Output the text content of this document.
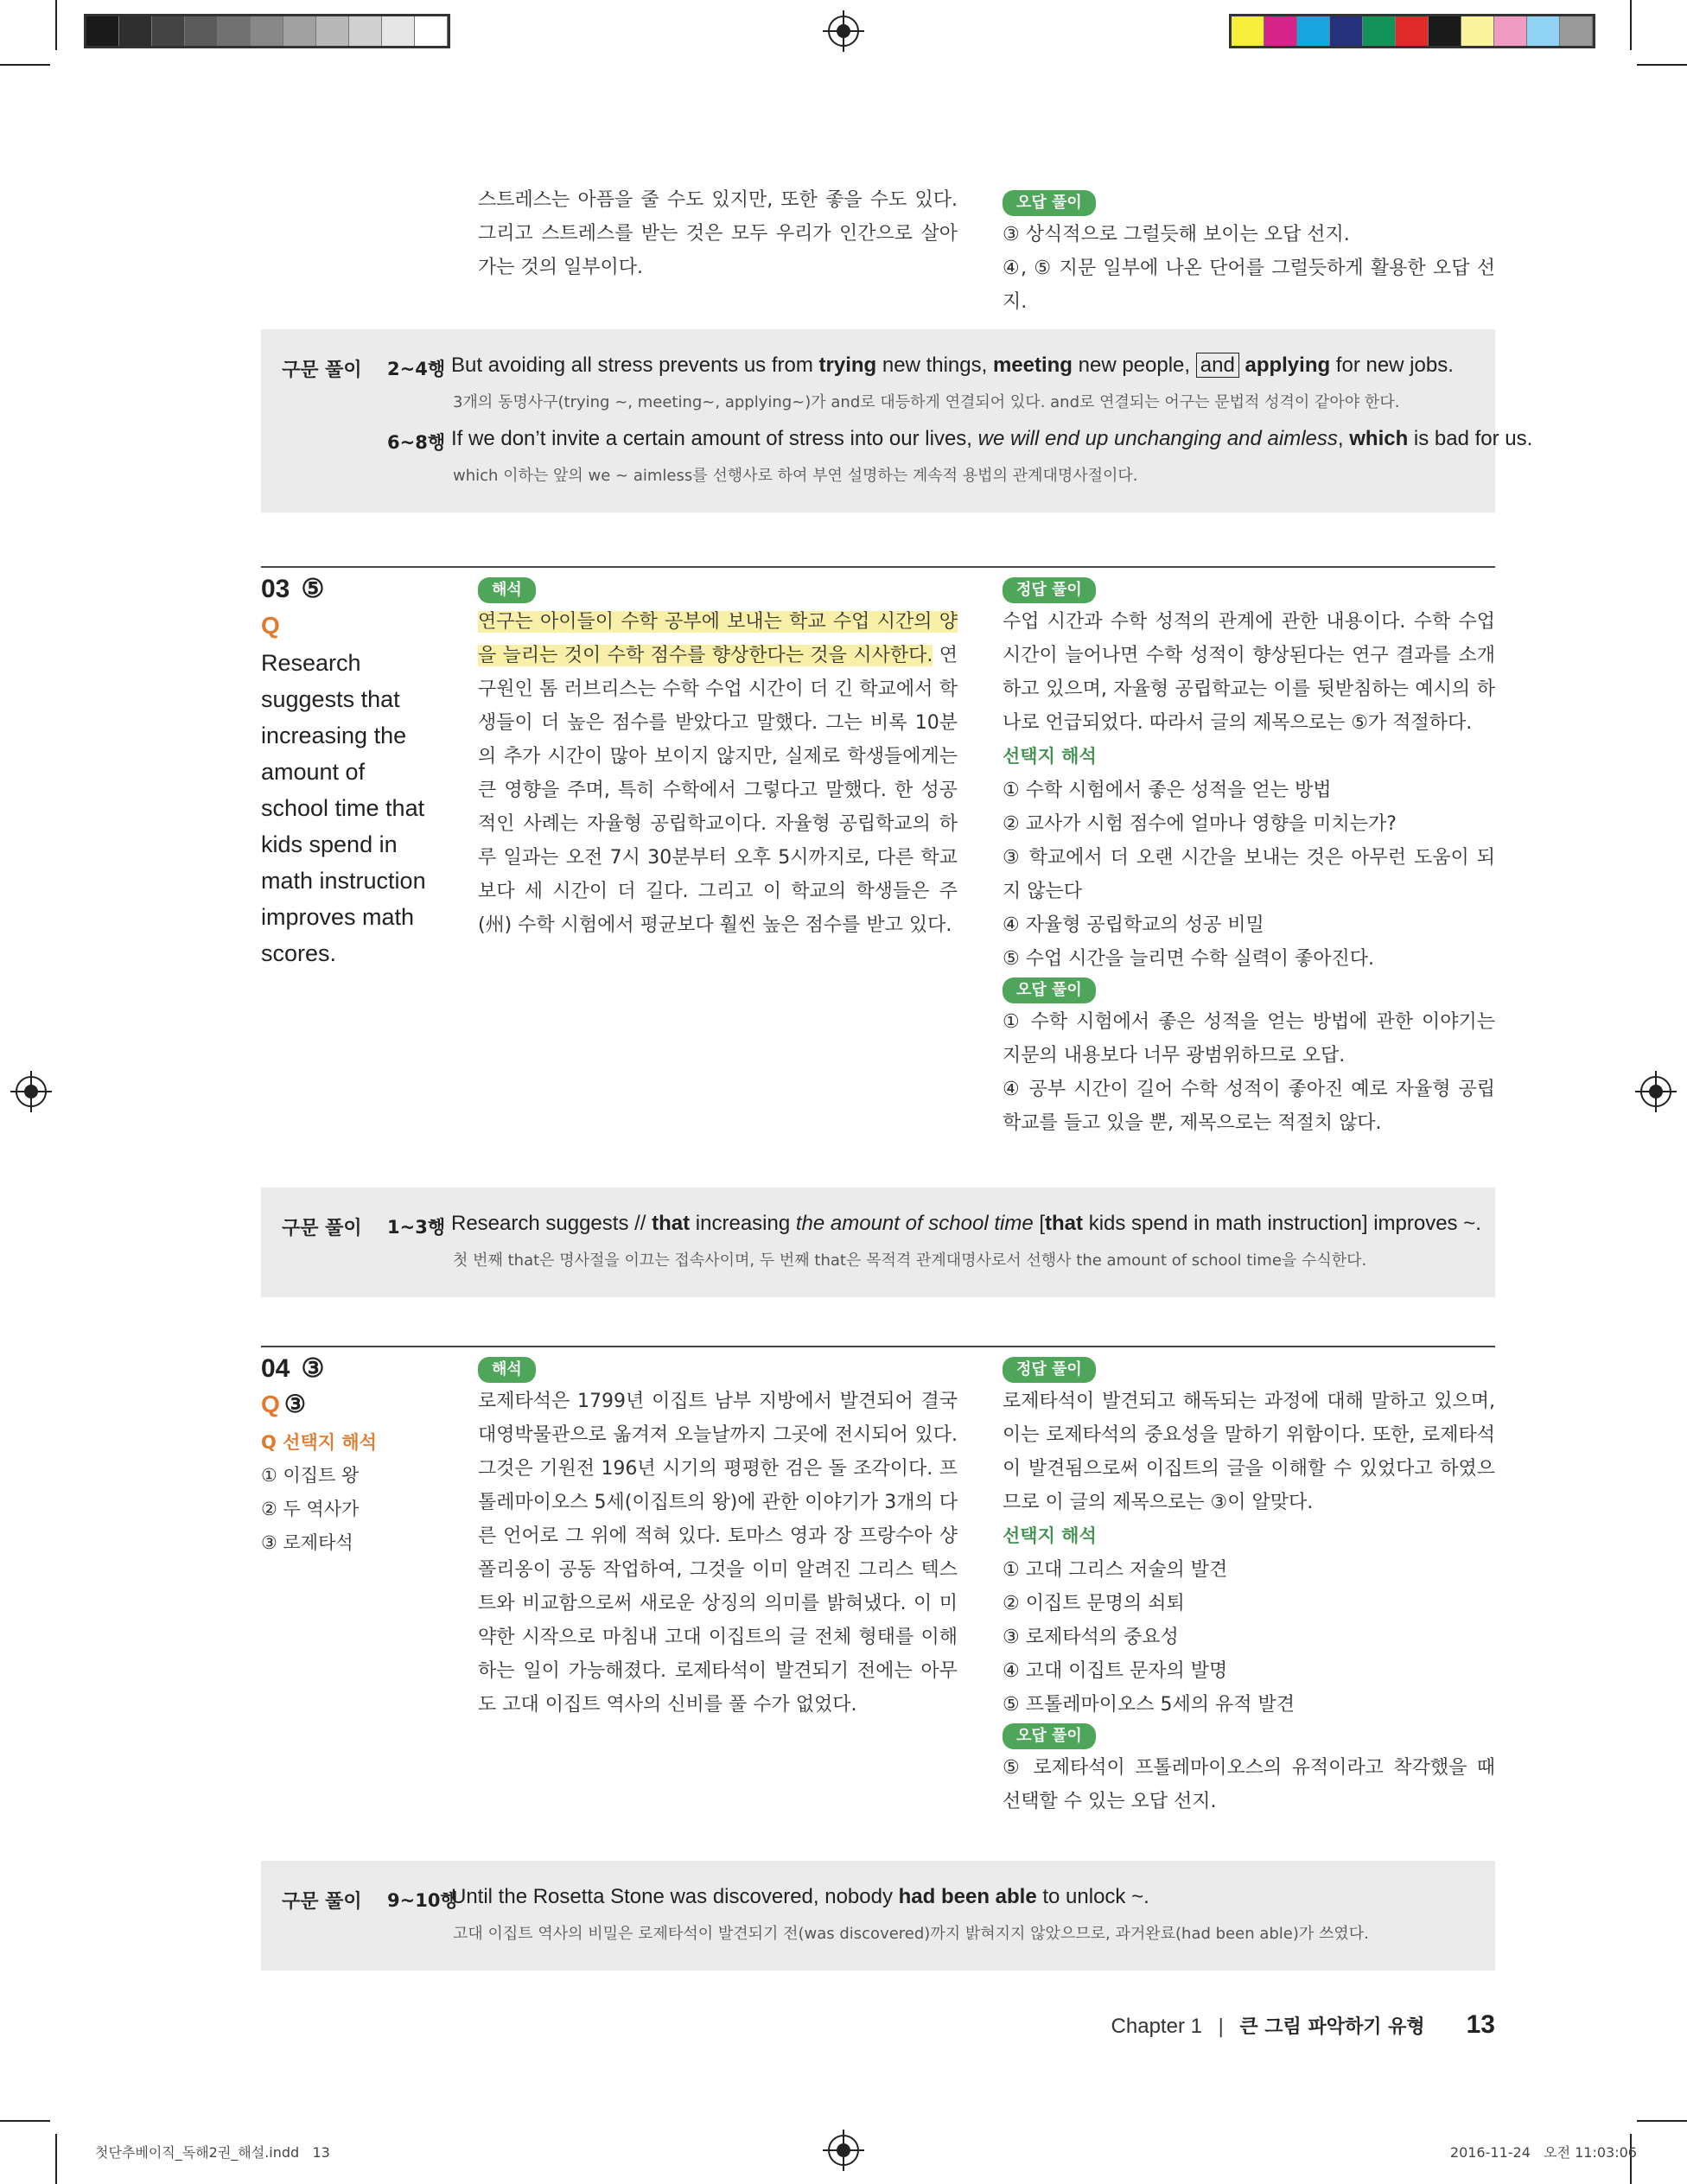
스트레스는 아픔을 줄 수도 있지만, 또한 좋을 수도 있다. 그리고 스트레스를 받는 것은 모두 우리가 인간으로 살아가는 것의 일부이다.

오답 풀이

③ 상식적으로 그럴듯해 보이는 오답 선지.

④, ⑤ 지문 일부에 나온 단어를 그럴듯하게 활용한 오답 선지.

구문 풀이 2~4행 But avoiding all stress prevents us from trying new things, meeting new people, and applying for new jobs.
3개의 동명사구(trying ~, meeting~, applying~)가 and로 대등하게 연결되어 있다. and로 연결되는 어구는 문법적 성격이 같아야 한다.
6~8행 If we don’t invite a certain amount of stress into our lives, we will end up unchanging and aimless, which is bad for us.
which 이하는 앞의 we ~ aimless를 선행사로 하여 부연 설명하는 계속적 용법의 관계대명사절이다.
03 ⑤
Q
Research
suggests that
increasing the
amount of
school time that
kids spend in
math instruction
improves math
scores.
해석

연구는 아이들이 수학 공부에 보내는 학교 수업 시간의 양을 늘리는 것이 수학 점수를 향상한다는 것을 시사한다. 연구원인 톰 러브리스는 수학 수업 시간이 더 긴 학교에서 학생들이 더 높은 점수를 받았다고 말했다. 그는 비록 10분의 추가 시간이 많아 보이지 않지만, 실제로 학생들에게는 큰 영향을 주며, 특히 수학에서 그렇다고 말했다. 한 성공적인 사례는 자율형 공립학교이다. 자율형 공립학교의 하루 일과는 오전 7시 30분부터 오후 5시까지로, 다른 학교보다 세 시간이 더 길다. 그리고 이 학교의 학생들은 주(州) 수학 시험에서 평균보다 훨씬 높은 점수를 받고 있다.

정답 풀이

수업 시간과 수학 성적의 관계에 관한 내용이다. 수학 수업 시간이 늘어나면 수학 성적이 향상된다는 연구 결과를 소개하고 있으며, 자율형 공립학교는 이를 뒷받침하는 예시의 하나로 언급되었다. 따라서 글의 제목으로는 ⑤가 적절하다.

선택지 해석

① 수학 시험에서 좋은 성적을 얻는 방법

② 교사가 시험 점수에 얼마나 영향을 미치는가?

③ 학교에서 더 오랜 시간을 보내는 것은 아무런 도움이 되지 않는다

④ 자율형 공립학교의 성공 비밀

⑤ 수업 시간을 늘리면 수학 실력이 좋아진다.

오답 풀이

① 수학 시험에서 좋은 성적을 얻는 방법에 관한 이야기는 지문의 내용보다 너무 광범위하므로 오답.

④ 공부 시간이 길어 수학 성적이 좋아진 예로 자율형 공립학교를 들고 있을 뿐, 제목으로는 적절치 않다.

구문 풀이 1~3행 Research suggests // that increasing the amount of school time [that kids spend in math instruction] improves ~.
첫 번째 that은 명사절을 이끄는 접속사이며, 두 번째 that은 목적격 관계대명사로서 선행사 the amount of school time을 수식한다.
04 ③
Q ③
Q 선택지 해석

① 이집트 왕

② 두 역사가

③ 로제타석

해석

로제타석은 1799년 이집트 남부 지방에서 발견되어 결국 대영박물관으로 옮겨져 오늘날까지 그곳에 전시되어 있다. 그것은 기원전 196년 시기의 평평한 검은 돌 조각이다. 프톨레마이오스 5세(이집트의 왕)에 관한 이야기가 3개의 다른 언어로 그 위에 적혀 있다. 토마스 영과 장 프랑수아 샹폴리옹이 공동 작업하여, 그것을 이미 알려진 그리스 텍스트와 비교함으로써 새로운 상징의 의미를 밝혀냈다. 이 미약한 시작으로 마침내 고대 이집트의 글 전체 형태를 이해하는 일이 가능해졌다. 로제타석이 발견되기 전에는 아무도 고대 이집트 역사의 신비를 풀 수가 없었다.

정답 풀이

로제타석이 발견되고 해독되는 과정에 대해 말하고 있으며, 이는 로제타석의 중요성을 말하기 위함이다. 또한, 로제타석이 발견됨으로써 이집트의 글을 이해할 수 있었다고 하였으므로 이 글의 제목으로는 ③이 알맞다.

선택지 해석

① 고대 그리스 저술의 발견

② 이집트 문명의 쇠퇴

③ 로제타석의 중요성

④ 고대 이집트 문자의 발명

⑤ 프톨레마이오스 5세의 유적 발견

오답 풀이

⑤ 로제타석이 프톨레마이오스의 유적이라고 착각했을 때 선택할 수 있는 오답 선지.

구문 풀이 9~10행
Until the Rosetta Stone was discovered, nobody had been able to unlock ~.
고대 이집트 역사의 비밀은 로제타석이 발견되기 전(was discovered)까지 밝혀지지 않았으므로, 과거완료(had been able)가 쓰였다.
Chapter 1 | 큰 그림 파악하기 유형 13
첫단추베이직_독해2권_해설.indd   13	2016-11-24   오전 11:03:06
